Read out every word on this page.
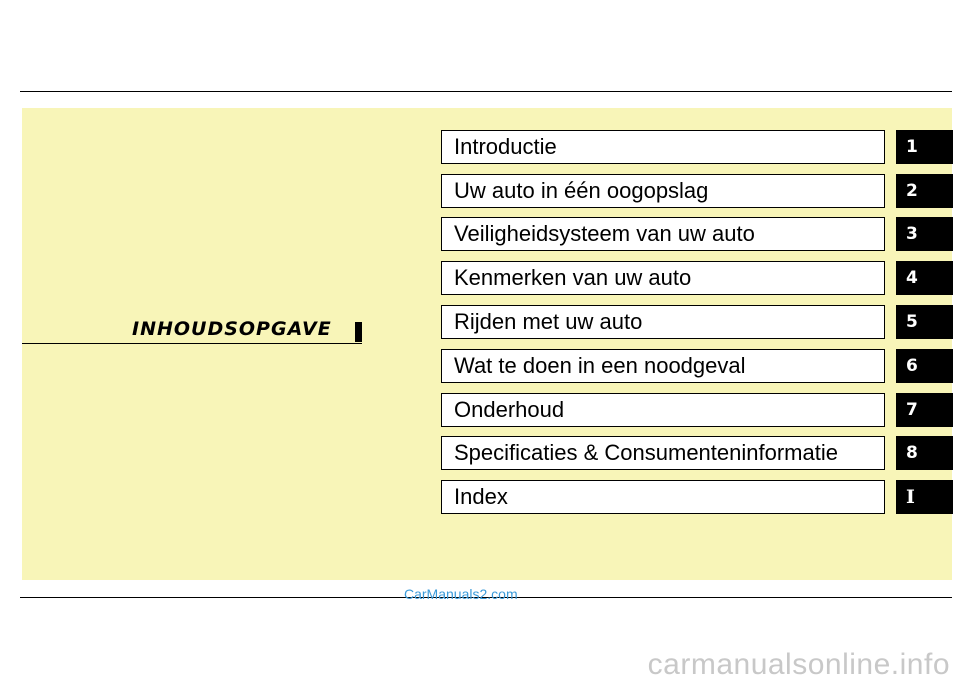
INHOUDSOPGAVE
Introductie	1
Uw auto in één oogopslag	2
Veiligheidsysteem van uw auto	3
Kenmerken van uw auto	4
Rijden met uw auto	5
Wat te doen in een noodgeval	6
Onderhoud	7
Specificaties & Consumenteninformatie	8
Index	I
CarManuals2.com
carmanualsonline.info
